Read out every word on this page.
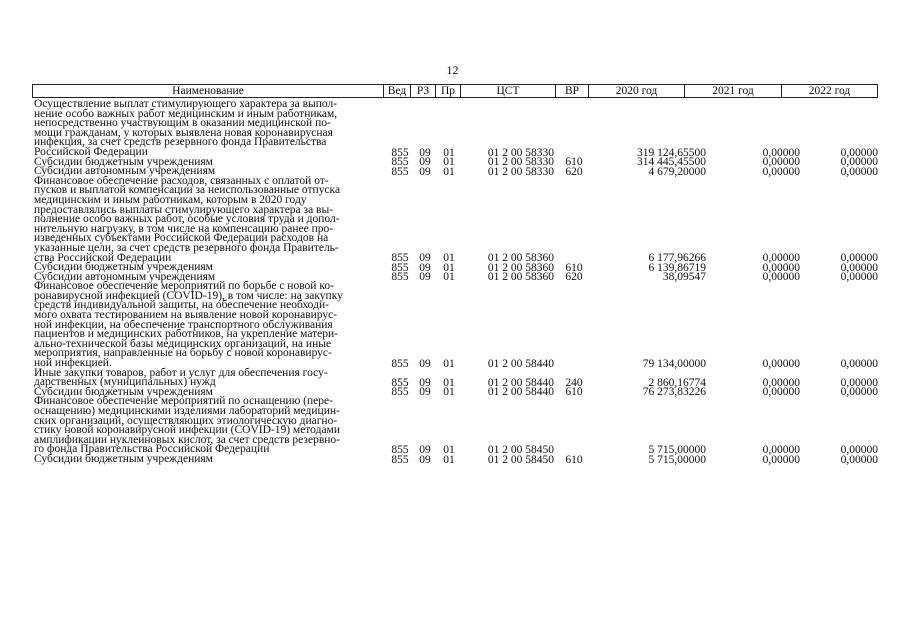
12
Наименование	Вед РЗ	Пр	ЦСТ	ВР	2020 год	2021 год	2022 год
Осуществление выплат стимулирующего характера за выпол-
нение особо важных работ медицинским и иным работникам,
непосредственно участвующим в оказании медицинской по-
мощи гражданам, у которых выявлена новая коронавирусная
инфекция, за счет средств резервного фонда Правительства
Российской Федерации	855 09	01	01 2 00 58330	319 124,65500	0,00000	0,00000
Субсидии бюджетным учреждениям	855 09	01	01 2 00 58330 610	314 445,45500	0,00000	0,00000
Субсидии автономным учреждениям	855 09	01	01 2 00 58330 620	4 679,20000	0,00000	0,00000
Финансовое обеспечение расходов, связанных с оплатой от-
пусков и выплатой компенсации за неиспользованные отпуска
медицинским и иным работникам, которым в 2020 году
предоставлялись выплаты стимулирующего характера за вы-
полнение особо важных работ, особые условия труда и допол-
нительную нагрузку, в том числе на компенсацию ранее про-
изведенных субъектами Российской Федерации расходов на
указанные цели, за счет средств резервного фонда Правитель-
ства Российской Федерации	855 09	01	01 2 00 58360	6 177,96266	0,00000	0,00000
Субсидии бюджетным учреждениям	855 09	01	01 2 00 58360 610	6 139,86719	0,00000	0,00000
Субсидии автономным учреждениям	855 09	01	01 2 00 58360 620	38,09547	0,00000	0,00000
Финансовое обеспечение мероприятий по борьбе с новой ко-
ронавирусной инфекцией (COVID-19), в том числе: на закупку
средств индивидуальной защиты, на обеспечение необходи-
мого охвата тестированием на выявление новой коронавирус-
ной инфекции, на обеспечение транспортного обслуживания
пациентов и медицинских работников, на укрепление матери-
ально-технической базы медицинских организаций, на иные
мероприятия, направленные на борьбу с новой коронавирус-
ной инфекцией.	855 09	01	01 2 00 58440	79 134,00000	0,00000	0,00000
Иные закупки товаров, работ и услуг для обеспечения госу-
дарственных (муниципальных) нужд	855 09	01	01 2 00 58440 240	2 860,16774	0,00000	0,00000
Субсидии бюджетным учреждениям	855 09	01	01 2 00 58440 610	76 273,83226	0,00000	0,00000
Финансовое обеспечение мероприятий по оснащению (пере-
оснащению) медицинскими изделиями лабораторий медицин-
ских организаций, осуществляющих этиологическую диагно-
стику новой коронавирусной инфекции (COVID-19) методами
амплификации нуклеиновых кислот, за счет средств резервно-
го фонда Правительства Российской Федерации	855 09	01	01 2 00 58450	5 715,00000	0,00000	0,00000
Субсидии бюджетным учреждениям	855 09	01	01 2 00 58450 610	5 715,00000	0,00000	0,00000
